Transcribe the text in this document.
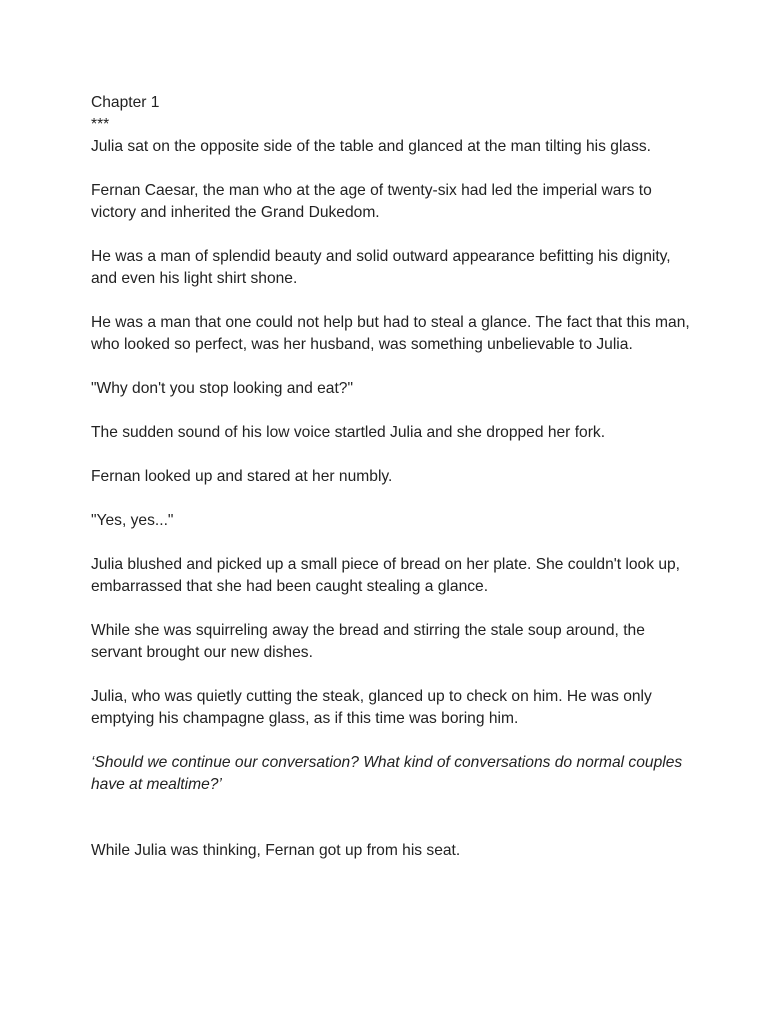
Chapter 1

***

Julia sat on the opposite side of the table and glanced at the man tilting his glass.

Fernan Caesar, the man who at the age of twenty-six had led the imperial wars to victory and inherited the Grand Dukedom.

He was a man of splendid beauty and solid outward appearance befitting his dignity, and even his light shirt shone.

He was a man that one could not help but had to steal a glance. The fact that this man, who looked so perfect, was her husband, was something unbelievable to Julia.

"Why don't you stop looking and eat?"

The sudden sound of his low voice startled Julia and she dropped her fork.

Fernan looked up and stared at her numbly.

"Yes, yes..."

Julia blushed and picked up a small piece of bread on her plate. She couldn't look up, embarrassed that she had been caught stealing a glance.

While she was squirreling away the bread and stirring the stale soup around, the servant brought our new dishes.

Julia, who was quietly cutting the steak, glanced up to check on him. He was only emptying his champagne glass, as if this time was boring him.

‘Should we continue our conversation? What kind of conversations do normal couples have at mealtime?’

While Julia was thinking, Fernan got up from his seat.
